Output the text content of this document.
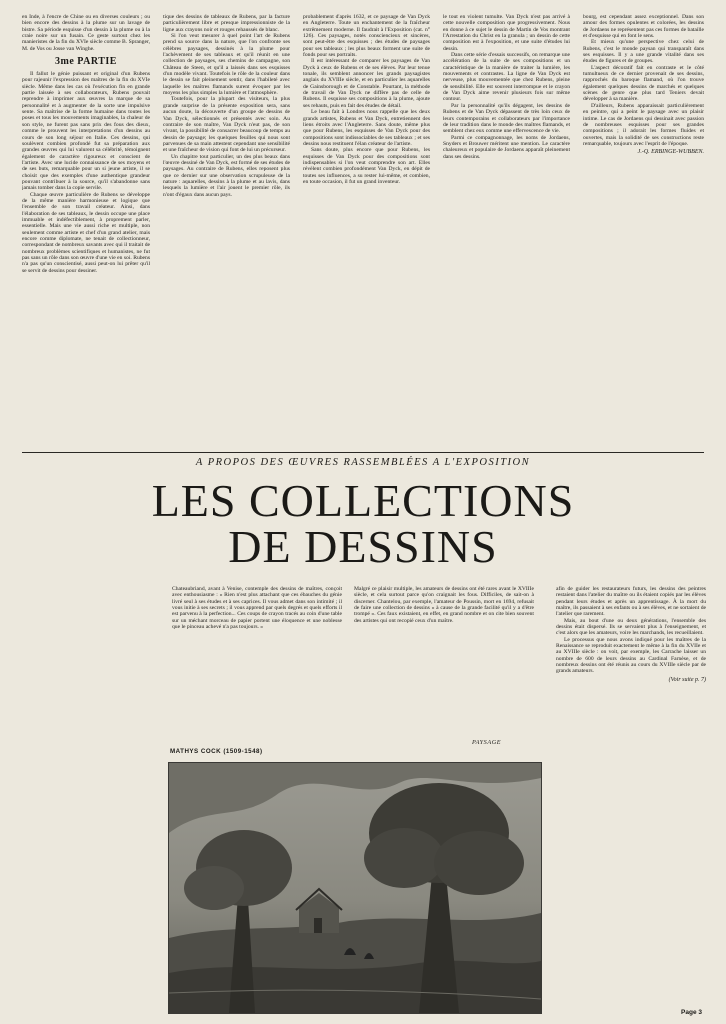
en Inde, à l'encre de Chine ou en diverses couleurs ; ou bien encore des dessins à la plume sur un lavage de bistre. Sa période esquisse d'un dessin à la plume ou à la craie noire sur un fusain. Ce geste surtout chez les manieristes de la fin du XVIe siècle comme B. Spranger, M. de Vos ou Josse van Winghe.

3me PARTIE

Il fallut le génie puissant et original d'un Rubens pour rajeunir l'expression des maîtres de la fin du XVIe siècle. Même dans les cas où l'exécution fin en grande partie laissée à ses collaborateurs, Rubens pouvait reprendre à imprimer aux œuvres la marque de sa personnalité et à augmenter de la sorte une impulsive sente. Sa maîtrise de la forme humaine dans toutes les poses et tous les mouvements imaginables, la chaleur de son style, ne furent pas sans prix des fous des dieux, comme le prouvent les interpretations d'un dessins au cours de son long séjour en Italie. Ces dessins, qui soulèvent combien profondé fut sa préparation aux grandes œuvres qui lui valurent sa célébrité, témoignent également de caractère rigoureux et conscient de l'artiste. Avec une lucide connaissance de ses moyens et de ses buts, remarquable pour un si jeune artiste, il se choisit que des exemples d'une authentique grandeur pouvant contribuer à la source, qu'il s'abandonne sans jamais tomber dans la copie servile.

Chaque œuvre particulière de Rubens se développe de la même manière harmonieuse et logique que l'ensemble de son travail créateur. Ainsi, dans l'élaboration de ses tableaux, le dessin occupe une place immuable et indéfectiblement, à proprement parler, essentielle. Mais une vie aussi riche et multiple, non seulement comme artiste et chef d'un grand atelier, mais encore comme diplomate, ne tenait de collectionneur, correspondant de nombreux savants avec qui il traitait de nombreux problèmes scientifiques et humanistes, ne fut pas sans un rôle dans son œuvre d'une vie en soi. Rubens n'a pas qu'un conscientisé, aussi peut-on lui prêter qu'il se servit de dessins pour dessiner.

tique des dessins de tableaux de Rubens, par la facture particulièrement libre et presque impressionniste de la ligne aux crayons noir et rouges rehaussés de blanc.

Si l'on veut mesurer à quel point l'art de Rubens prend sa source dans la nature, que l'on confronte ses célèbres paysages, dessinés à la plume pour l'achèvement de ses tableaux et qu'il réunit en une collection de paysages, ses chemins de campagne, son Château de Steen, et qu'il a laissés dans ses esquisses d'un modèle vivant. Toutefois le rôle de la couleur dans le dessin se fait pleinement sentir, dans l'habileté avec laquelle les maîtres flamands surent évoquer par les moyens les plus simples la lumière et l'atmosphère.

Toutefois, pour la plupart des visiteurs, la plus grande surprise de la présente exposition sera, sans aucun doute, la découverte d'un groupe de dessins de Van Dyck, sélectionnés et présentés avec soin. Au contraire de son maître, Van Dyck n'eut pas, de son vivant, la possibilité de consacrer beaucoup de temps au dessin de paysage; les quelques feuilles qui nous sont parvenues de sa main attestent cependant une sensibilité et une fraîcheur de vision qui font de lui un précurseur.

Un chapitre tout particulier, un des plus beaux dans l'œuvre dessiné de Van Dyck, est formé de ses études de paysages. Au contraire de Rubens, elles reposent plus que ce dernier sur une observation scrupuleuse de la nature : aquarelles, dessins à la plume et au lavis, dans lesquels la lumière et l'air jouent le premier rôle, ils n'ont d'égaux dans aucun pays.

probablement d'après 1632, et ce paysage de Van Dyck en Angleterre. Toute un enchantement de la fraîcheur extrêmement moderne. Il faudrait à l'Exposition (cat. n° 126). Ces paysages, notés consciencieux et sincères, sont peut-être des esquisses ; des études de paysages pour ses tableaux ; les plus beaux forment une suite de fonds pour ses portraits.

Il est intéressant de comparer les paysages de Van Dyck à ceux de Rubens et de ses élèves. Par leur tenue tonale, ils semblent annoncer les grands paysagistes anglais du XVIIIe siècle, et en particulier les aquarelles de Gainsborough et de Constable. Pourtant, la méthode de travail de Van Dyck ne diffère pas de celle de Rubens. Il esquisse ses compositions à la plume, ajoute ses rehauts, puis en fait des études de détail.

Le beau fait à Londres nous rappelle que les deux grands artistes, Rubens et Van Dyck, entretiennent des liens étroits avec l'Angleterre. Sans doute, même plus que pour Rubens, les esquisses de Van Dyck pour des compositions sont indissociables de ses tableaux ; et ses dessins nous restituent l'élan créateur de l'artiste.

Sans doute, plus encore que pour Rubens, les esquisses de Van Dyck pour des compositions sont indispensables si l'on veut comprendre son art. Elles révèlent combien profondément Van Dyck, en dépit de toutes ses influences, a su rester lui-même, et combien, en toute occasion, il fut un grand inventeur.

le tout en violent tumulte. Van Dyck n'est pas arrivé à cette nouvelle composition que progressivement. Nous en donne à ce sujet le dessin de Martin de Vos montrant l'Arrestation du Christ en la granula ; un dessin de cette composition est à l'exposition, et une suite d'études lui dessin.

Dans cette série d'essais successifs, on remarque une accélération de la suite de ses compositions et un caractéristique de la manière de traiter la lumière, les mouvements et contrastes. La ligne de Van Dyck est nerveuse, plus mouvementée que chez Rubens, pleine de sensibilité. Elle est souvent interrompue et le crayon de Van Dyck aime revenir plusieurs fois sur même contour.

Par la personnalité qu'ils dégagent, les dessins de Rubens et de Van Dyck dépassent de très loin ceux de leurs contemporains et collaborateurs par l'importance de leur tradition dans le monde des maîtres flamands, et semblent chez eux comme une effervescence de vie.

Parmi ce compagnonnage, les noms de Jordaens, Snyders et Brouwer méritent une mention. Le caractère chaleureux et populaire de Jordaens apparaît pleinement dans ses dessins.

bourg, est cependant assez exceptionnel. Dans son amour des formes opulentes et colorées, les dessins de Jordaens ne représentent pas ces formes de bataille et d'esquisse qui en font le sens.

Et mieux qu'une perspective chez celui de Rubens, c'est le monde paysan qui transparaît dans ses esquisses. Il y a une grande vitalité dans ses études de figures et de groupes.

L'aspect décoratif fait en contraste et le côté tumultueux de ce dernier provenait de ses dessins, rapprochés du baroque flamand, où l'on trouve également quelques dessins de marchés et quelques scènes de genre que plus tard Teniers devait développer à sa manière.

D'ailleurs, Rubens apparaissait particulièrement en peintre, qui a peint le paysage avec un plaisir intime. Le cas de Jordaens qui dessinait avec passion de nombreuses esquisses pour ses grandes compositions ; il adorait les formes fluides et ouvertes, mais la solidité de ses constructions reste remarquable, toujours avec l'esprit de l'époque.

J.-Q. ERBINGE-WUBBEN.
A PROPOS DES ŒUVRES RASSEMBLÉES A L'EXPOSITION
LES COLLECTIONS
DE DESSINS

Chateaubriand, avant à Venise, contemple des dessins de maîtres, conçoit avec enthousiasme : « Rien n'est plus attachant que ces ébauches du génie livré seul à ses études et à ses caprices. Il vous admet dans son intimité ; il vous initie à ses secrets ; il vous apprend par quels degrés et quels efforts il est parvenu à la perfection... Ces coups de crayon tracés au coin d'une table sur un méchant morceau de papier portent une éloquence et une noblesse que le pinceau achevé n'a pas toujours. »

Malgré ce plaisir multiple, les amateurs de dessins ont été rares avant le XVIIIe siècle, et cela surtout parce qu'on craignait les fous. Difficiles, de sait-on à discerner. Chantelou, par exemple, l'amateur de Poussin, mort en 1694, refusait de faire une collection de dessins « à cause de la grande facilité qu'il y a d'être trompé ». Ces faux existaient, en effet, en grand nombre et on cite bien souvent des artistes qui ont recopié ceux d'un maître.

afin de guider les restaurateurs futurs, les dessins des peintres restaient dans l'atelier du maître ou ils étaient copiés par les élèves pendant leurs études et après un apprentissage. À la mort du maître, ils passaient à ses enfants ou à ses élèves, et ne sortaient de l'atelier que rarement.

Mais, au bout d'une ou deux générations, l'ensemble des dessins était dispersé. Ils se servaient plus à l'enseignement, et c'est alors que les amateurs, voire les marchands, les recueillaient.

Le processus que nous avons indiqué pour les maîtres de la Renaissance se reproduit exactement le même à la fin du XVIIe et au XVIIIe siècle : on voit, par exemple, les Carrache laisser un nombre de 600 de leurs dessins au Cardinal Farnèse, et de nombreux dessins ont été réunis au cours du XVIIIe siècle par de grands amateurs.

(Voir suite p. 7)
PAYSAGE
MATHYS COCK (1509-1548)
Page 3
